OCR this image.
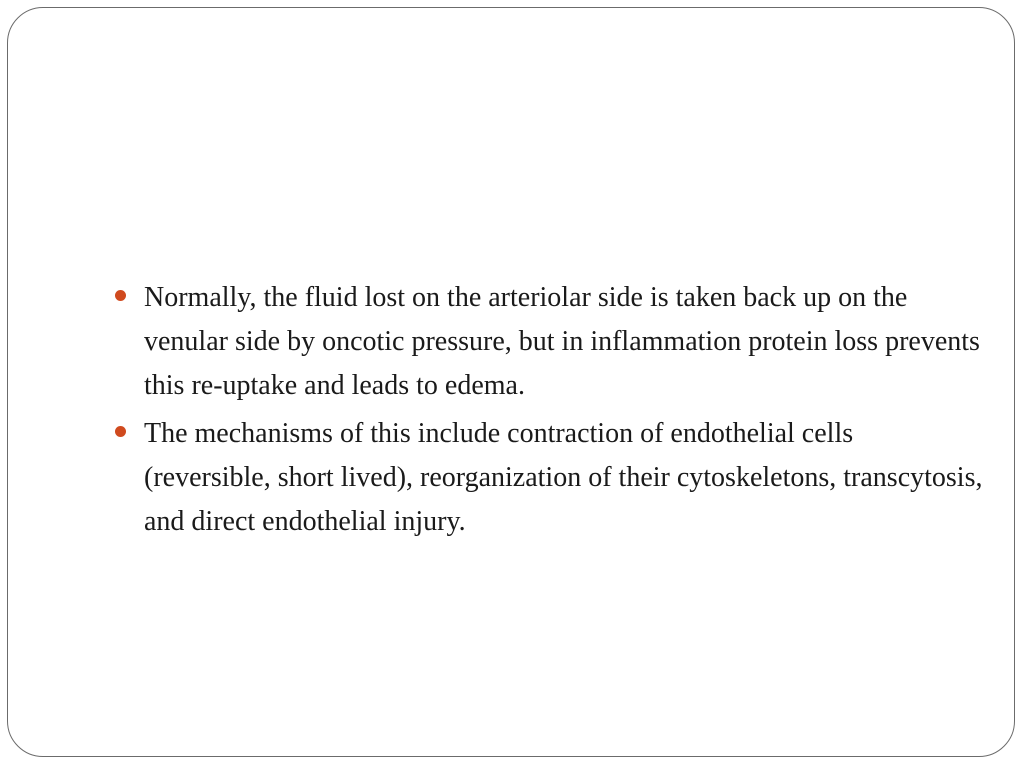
Normally, the fluid lost on the arteriolar side is taken back up on the venular side by oncotic pressure, but in inflammation protein loss prevents this re-uptake and leads to edema.
The mechanisms of this include contraction of endothelial cells (reversible, short lived), reorganization of their cytoskeletons, transcytosis, and direct endothelial injury.
